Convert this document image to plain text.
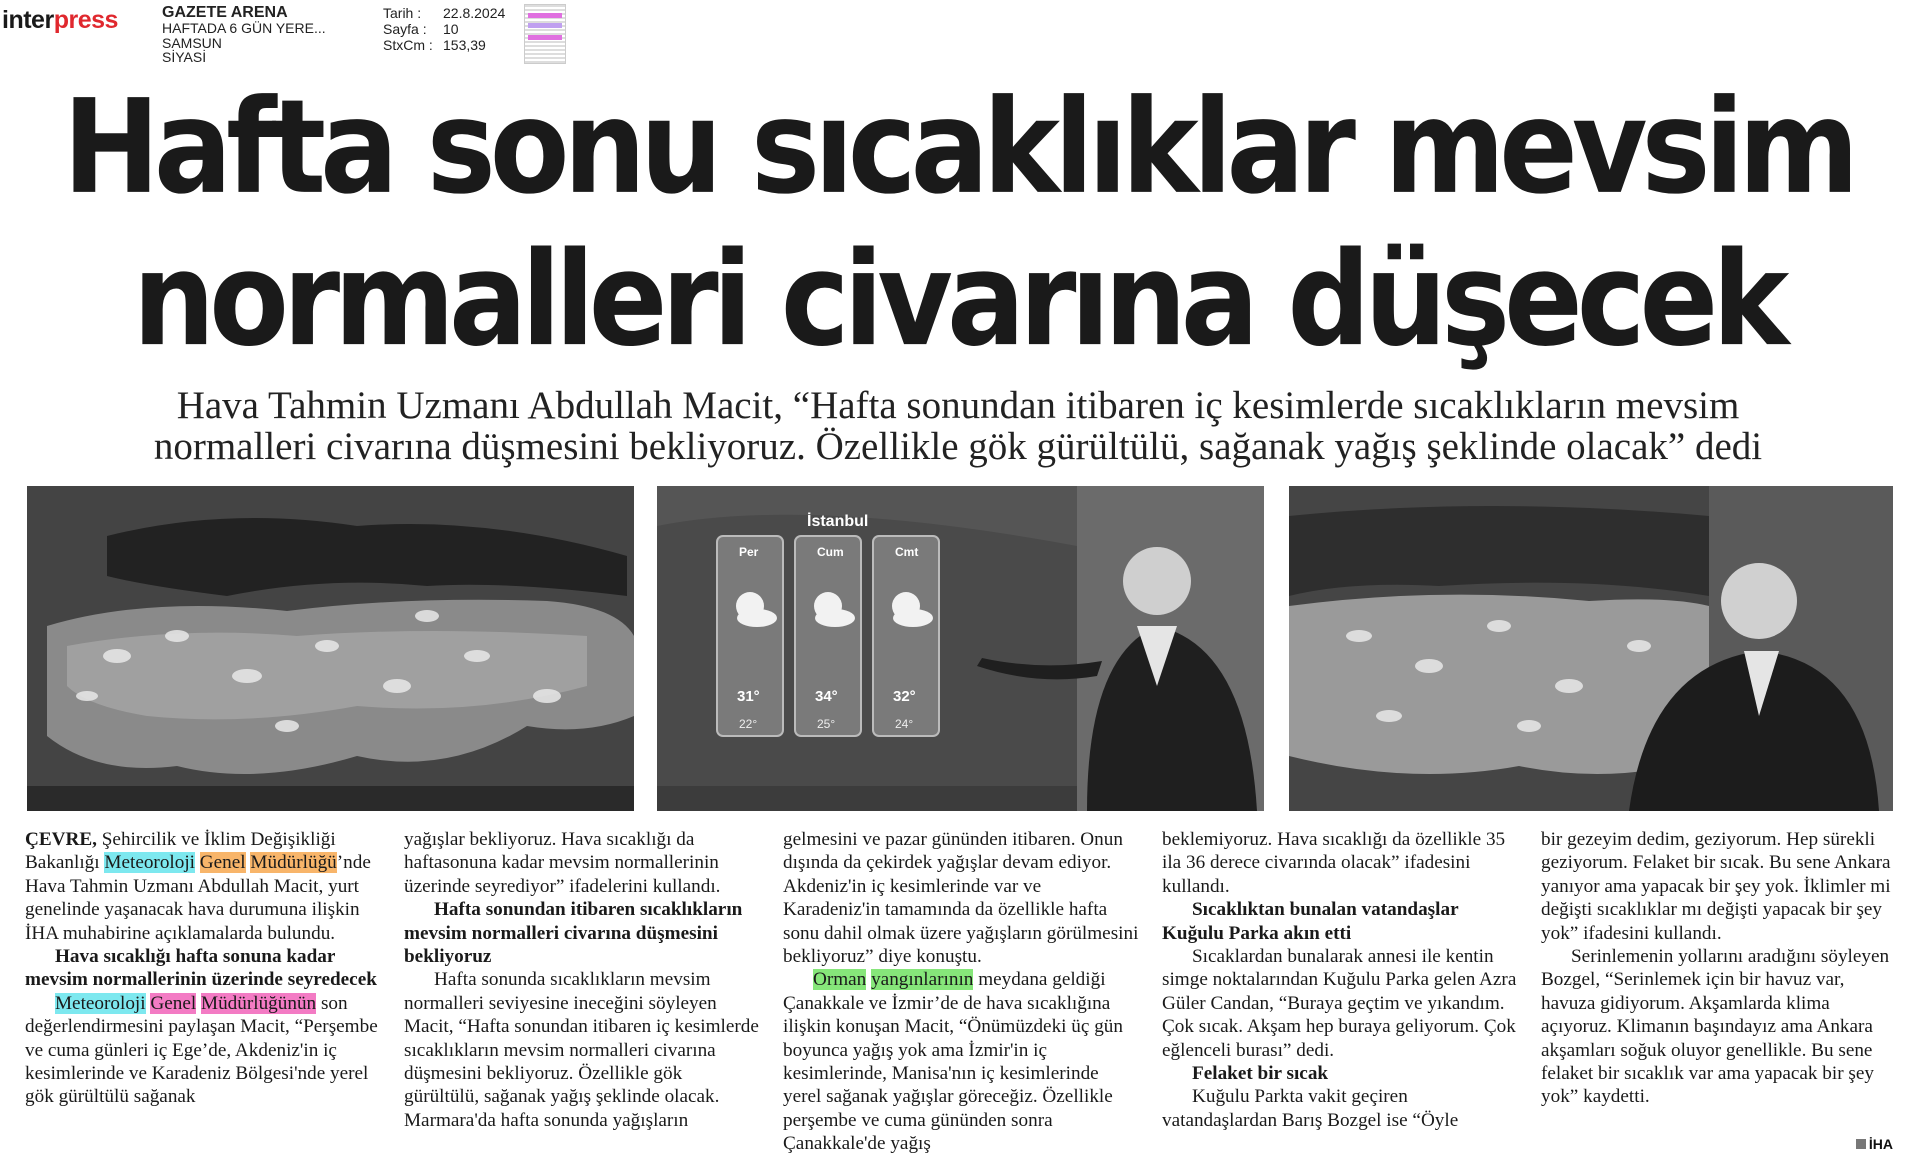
interpress	GAZETE ARENA
HAFTADA 6 GÜN YERE...
SAMSUN
SİYASİ
Tarih :	22.8.2024
Sayfa :	10
StxCm : 153,39
Hafta sonu sıcaklıklar mevsim
normalleri civarına düşecek
Hava Tahmin Uzmanı Abdullah Macit, “Hafta sonundan itibaren iç kesimlerde sıcaklıkların mevsim
normalleri civarına düşmesini bekliyoruz. Özellikle gök gürültülü, sağanak yağış şeklinde olacak” dedi
İstanbul
Per	Cum	Cmt
31°	34°	32°
22°	25°	24°

ÇEVRE, Şehircilik ve İklim Değişikliği Bakanlığı Meteoroloji Genel Müdürlüğü’nde Hava Tahmin Uzmanı Abdullah Macit, yurt genelinde yaşanacak hava durumuna ilişkin İHA muhabirine açıklamalarda bulundu.

Hava sıcaklığı hafta sonuna kadar mevsim normallerinin üzerinde seyredecek

Meteoroloji Genel Müdürlüğünün son değerlendirmesini paylaşan Macit, “Perşembe ve cuma günleri iç Ege’de, Akdeniz'in iç kesimlerinde ve Karadeniz Bölgesi'nde yerel gök gürültülü sağanak

yağışlar bekliyoruz. Hava sıcaklığı da haftasonuna kadar mevsim normallerinin üzerinde seyrediyor” ifadelerini kullandı.

Hafta sonundan itibaren sıcaklıkların mevsim normalleri civarına düşmesini bekliyoruz

Hafta sonunda sıcaklıkların mevsim normalleri seviyesine ineceğini söyleyen Macit, “Hafta sonundan itibaren iç kesimlerde sıcaklıkların mevsim normalleri civarına düşmesini bekliyoruz. Özellikle gök gürültülü, sağanak yağış şeklinde olacak. Marmara'da hafta sonunda yağışların

gelmesini ve pazar gününden itibaren. Onun dışında da çekirdek yağışlar devam ediyor. Akdeniz'in iç kesimlerinde var ve Karadeniz'in tamamında da özellikle hafta sonu dahil olmak üzere yağışların görülmesini bekliyoruz” diye konuştu.

Orman yangınlarının meydana geldiği Çanakkale ve İzmir’de de hava sıcaklığına ilişkin konuşan Macit, “Önümüzdeki üç gün boyunca yağış yok ama İzmir'in iç kesimlerinde, Manisa'nın iç kesimlerinde yerel sağanak yağışlar göreceğiz. Özellikle perşembe ve cuma gününden sonra Çanakkale'de yağış

beklemiyoruz. Hava sıcaklığı da özellikle 35 ila 36 derece civarında olacak” ifadesini kullandı.

Sıcaklıktan bunalan vatandaşlar Kuğulu Parka akın etti

Sıcaklardan bunalarak annesi ile kentin simge noktalarından Kuğulu Parka gelen Azra Güler Candan, “Buraya geçtim ve yıkandım. Çok sıcak. Akşam hep buraya geliyorum. Çok eğlenceli burası” dedi.

Felaket bir sıcak

Kuğulu Parkta vakit geçiren vatandaşlardan Barış Bozgel ise “Öyle

bir gezeyim dedim, geziyorum. Hep sürekli geziyorum. Felaket bir sıcak. Bu sene Ankara yanıyor ama yapacak bir şey yok. İklimler mi değişti sıcaklıklar mı değişti yapacak bir şey yok” ifadesini kullandı.

Serinlemenin yollarını aradığını söyleyen Bozgel, “Serinlemek için bir havuz var, havuza gidiyorum. Akşamlarda klima açıyoruz. Klimanın başındayız ama Ankara akşamları soğuk oluyor genellikle. Bu sene felaket bir sıcaklık var ama yapacak bir şey yok” kaydetti.

İHA
